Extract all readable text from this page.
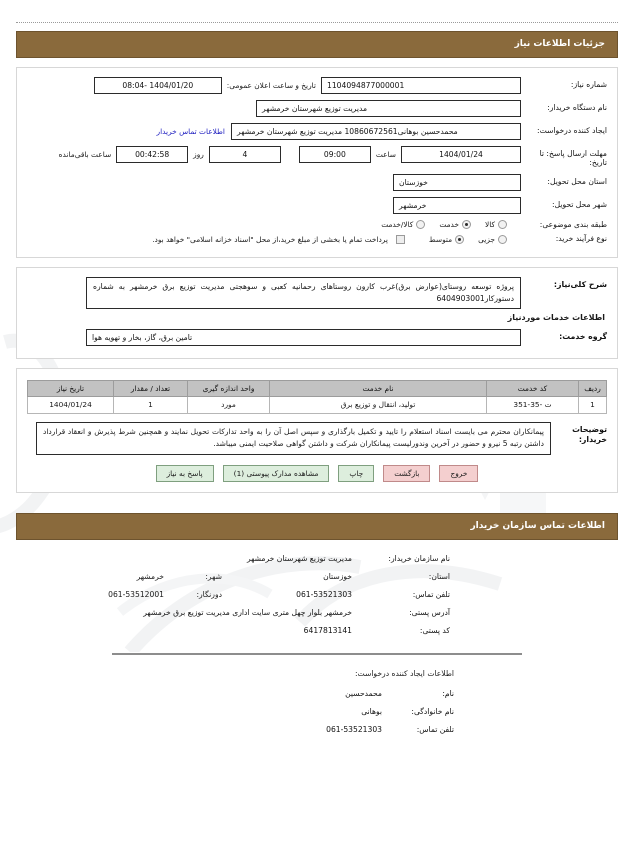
جزئیات اطلاعات نیاز
شماره نیاز:
1104094877000001
تاریخ و ساعت اعلان عمومی:
1404/01/20 -08:04
نام دستگاه خریدار:
مدیریت توزیع شهرستان خرمشهر
ایجاد کننده درخواست:
محمدحسین بوهانی10860672561 مدیریت توزیع شهرستان خرمشهر
اطلاعات تماس خریدار
مهلت ارسال پاسخ: تا تاریخ:
1404/01/24
ساعت
09:00
4
روز
00:42:58
ساعت باقی‌مانده
استان محل تحویل:
خوزستان
شهر محل تحویل:
خرمشهر
طبقه بندی موضوعی:
کالا
خدمت
کالا/خدمت
نوع فرآیند خرید:
جزیی
متوسط
پرداخت تمام یا بخشی از مبلغ خرید،از محل "اسناد خزانه اسلامی" خواهد بود.
شرح کلی‌نیاز:
پروژه توسعه روستای(عوارض برق)غرب کارون روستاهای رحمانیه کعبی و سوهجتی مدیریت توزیع برق خرمشهر به شماره دستورکار6404903001
اطلاعات خدمات موردنیاز
گروه خدمت:
تامین برق، گاز، بخار و تهویه هوا
ردیف	کد خدمت	نام خدمت	واحد اندازه گیری	تعداد / مقدار	تاریخ نیاز
1	ت -35-351	تولید، انتقال و توزیع برق	مورد	1	1404/01/24
توضیحات خریدار:
پیمانکاران محترم می بایست اسناد استعلام را تایید و تکمیل بارگذاری و سپس اصل آن را به واحد تدارکات تحویل نمایند و همچنین شرط پذیرش و انعقاد قرارداد داشتن رتبه 5 نیرو و حضور در آخرین وندورلیست پیمانکاران شرکت و داشتن گواهی صلاحیت ایمنی میباشد.
خروج
بازگشت
چاپ
مشاهده مدارک پیوستی (1)
پاسخ به نیاز
اطلاعات تماس سازمان خریدار
نام سازمان خریدار:
مدیریت توزیع شهرستان خرمشهر
استان:
خوزستان
شهر:
خرمشهر
تلفن تماس:
061-53521303
دورنگار:
061-53512001
آدرس پستی:
خرمشهر بلوار چهل متری سایت اداری مدیریت توزیع برق خرمشهر
کد پستی:
6417813141
اطلاعات ایجاد کننده درخواست:
نام:
محمدحسین
نام خانوادگی:
بوهانی
تلفن تماس:
061-53521303
